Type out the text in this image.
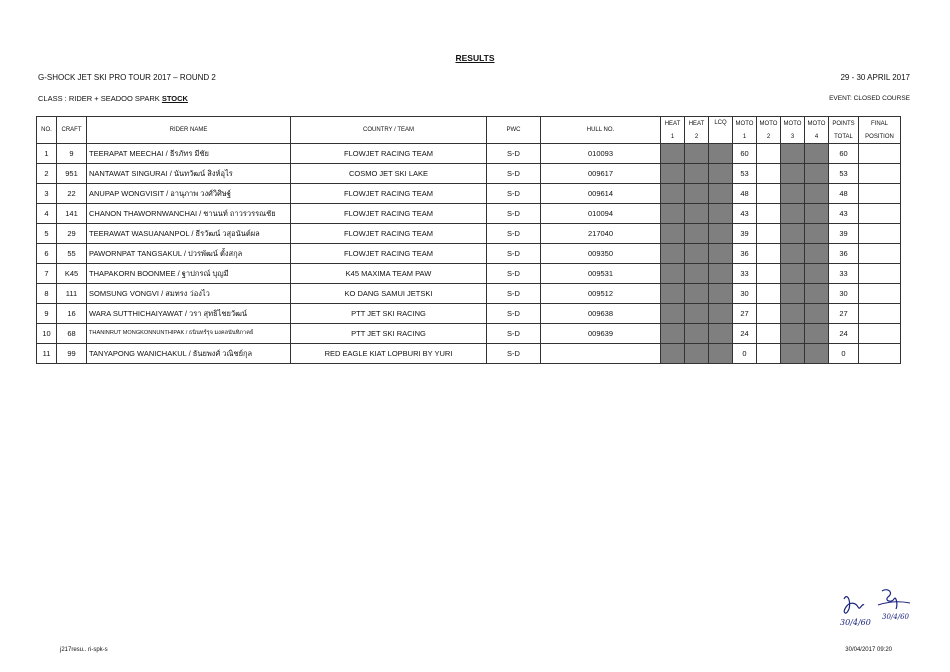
RESULTS
G-SHOCK JET SKI PRO TOUR 2017 – ROUND 2	29 - 30 APRIL 2017
CLASS : RIDER + SEADOO SPARK STOCK	EVENT: CLOSED COURSE
NO.	CRAFT	RIDER NAME	COUNTRY / TEAM	PWC	HULL NO.	HEAT	HEAT	LCQ	MOTO	MOTO	MOTO	MOTO	POINTS	FINAL
						1	2		1	2	3	4	TOTAL	POSITION
1	9	TEERAPAT MEECHAI / ธีรภัทร มีชัย	FLOWJET RACING TEAM	S-D	010093				60				60	
2	951	NANTAWAT SINGURAI / นันทวัฒน์ สิงห์อุไร	COSMO JET SKI LAKE	S-D	009617				53				53	
3	22	ANUPAP WONGVISIT / อานุภาพ วงศ์วิศิษฐ์	FLOWJET RACING TEAM	S-D	009614				48				48	
4	141	CHANON THAWORNWANCHAI / ชานนท์ ถาวรวรรณชัย	FLOWJET RACING TEAM	S-D	010094				43				43	
5	29	TEERAWAT WASUANANPOL / ธีรวัฒน์ วสุอนันต์ผล	FLOWJET RACING TEAM	S-D	217040				39				39	
6	55	PAWORNPAT TANGSAKUL / ปวรพัฒน์ ตั้งสกุล	FLOWJET RACING TEAM	S-D	009350				36				36	
7	K45	THAPAKORN BOONMEE / ฐาปกรณ์ บุญมี	K45 MAXIMA TEAM PAW	S-D	009531				33				33	
8	111	SOMSUNG VONGVI / สมทรง ว่องไว	KO DANG SAMUI JETSKI	S-D	009512				30				30	
9	16	WARA SUTTHICHAIYAWAT / วรา สุทธิไชยวัฒน์	PTT JET SKI RACING	S-D	009638				27				27	
10	68	THANINRUT MONGKONNUNTHIPAK / ธนินทร์รุจ มงคลนันทิภาคย์	PTT JET SKI RACING	S-D	009639				24				24	
11	99	TANYAPONG WANICHAKUL / ธันยพงศ์ วณิชย์กุล	RED EAGLE KIAT LOPBURI BY YURI	S-D					0				0	
30/4/60
30/4/60
j217resu.. ri-spk-s	30/04/2017 09:20
